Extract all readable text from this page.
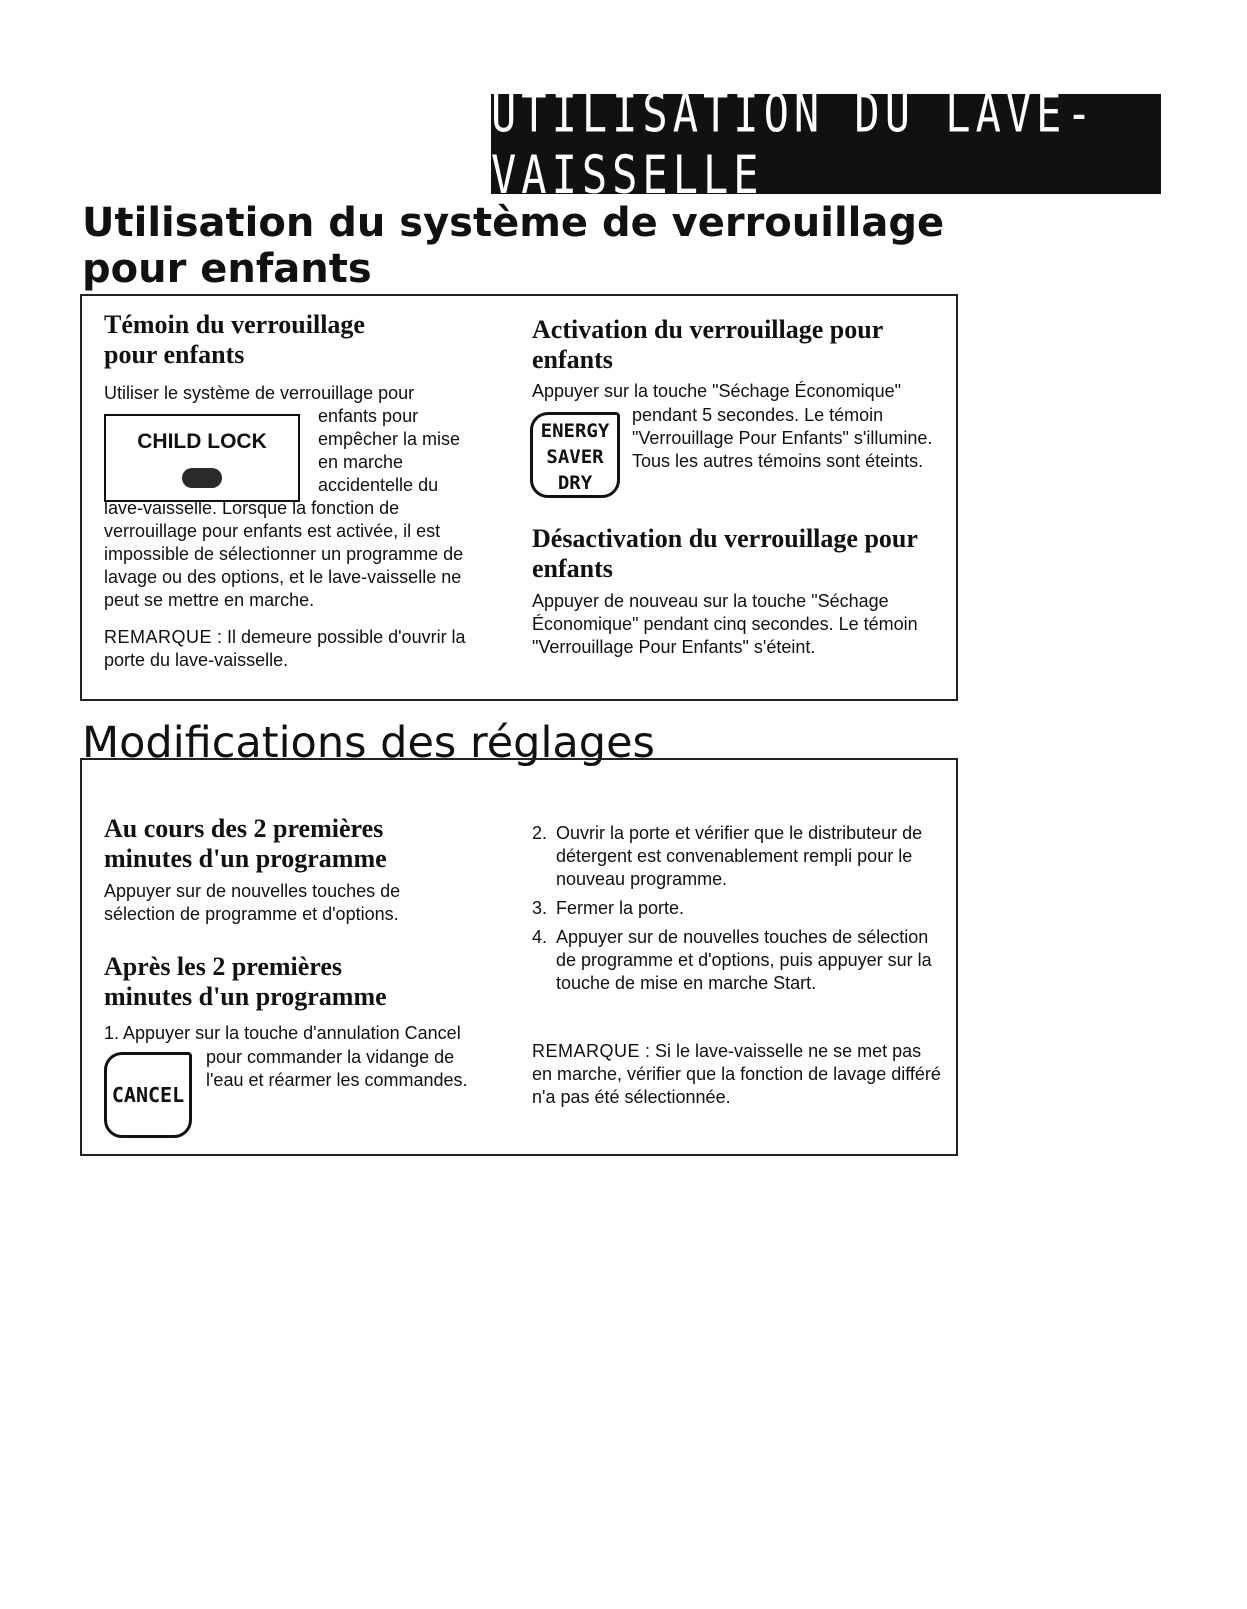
UTILISATION DU LAVE-VAISSELLE
Utilisation du système de verrouillage pour enfants
Témoin du verrouillage
pour enfants

Utiliser le système de verrouillage pour

CHILD LOCK

enfants pour
empêcher la mise
en marche
accidentelle du

lave-vaisselle. Lorsque la fonction de verrouillage pour enfants est activée, il est impossible de sélectionner un programme de lavage ou des options, et le lave-vaisselle ne peut se mettre en marche.

REMARQUE : Il demeure possible d'ouvrir la porte du lave-vaisselle.

Activation du verrouillage pour enfants

Appuyer sur la touche "Séchage Économique"

ENERGY
SAVER
DRY

pendant 5 secondes. Le témoin "Verrouillage Pour Enfants" s'illumine. Tous les autres témoins sont éteints.

Désactivation du verrouillage pour enfants

Appuyer de nouveau sur la touche "Séchage Économique" pendant cinq secondes. Le témoin "Verrouillage Pour Enfants" s'éteint.

Modifications des réglages
Au cours des 2 premières
minutes d'un programme

Appuyer sur de nouvelles touches de sélection de programme et d'options.

Après les 2 premières
minutes d'un programme

1. Appuyer sur la touche d'annulation Cancel

CANCEL

pour commander la vidange de l'eau et réarmer les commandes.

2. Ouvrir la porte et vérifier que le distributeur de détergent est convenablement rempli pour le nouveau programme.
3. Fermer la porte.
4. Appuyer sur de nouvelles touches de sélection de programme et d'options, puis appuyer sur la touche de mise en marche Start.

REMARQUE : Si le lave-vaisselle ne se met pas en marche, vérifier que la fonction de lavage différé n'a pas été sélectionnée.
